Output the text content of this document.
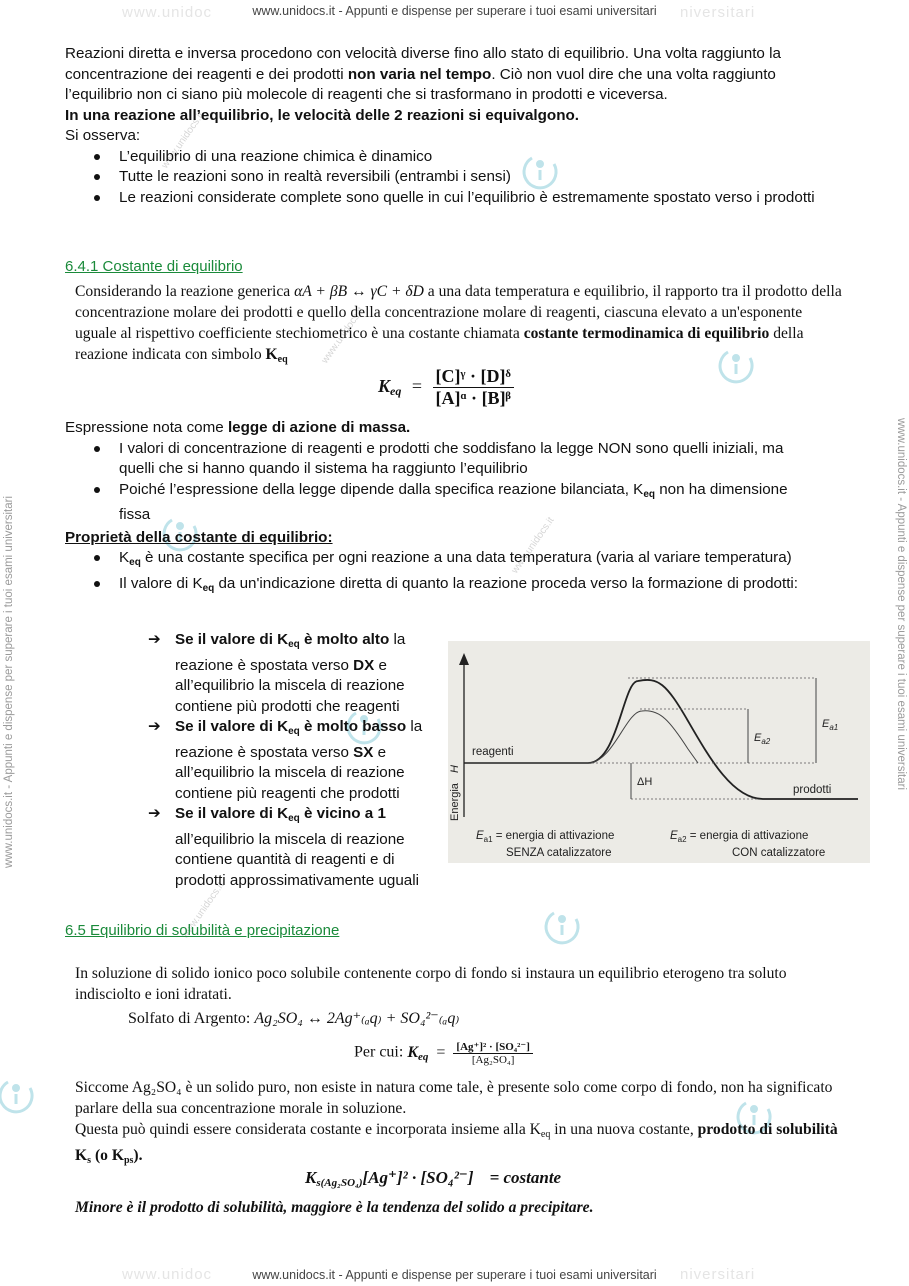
www.unidocs.it - Appunti e dispense per superare i tuoi esami universitari
www.unidoc	niversitari
www.unidocs.it - Appunti e dispense per superare i tuoi esami universitari
www.unidoc	niversitari
www.unidocs.it - Appunti e dispense per superare i tuoi esami universitari	www.unidocs.it - Appunti e dispense per superare i tuoi esami universitari
www.unidocs.it
www.unidocs.it
www.unidocs.it
www.unidocs.it

Reazioni diretta e inversa procedono con velocità diverse fino allo stato di equilibrio. Una volta raggiunto la concentrazione dei reagenti e dei prodotti non varia nel tempo. Ciò non vuol dire che una volta raggiunto l’equilibrio non ci siano più molecole di reagenti che si trasformano in prodotti e viceversa.

In una reazione all’equilibrio, le velocità delle 2 reazioni si equivalgono.

Si osserva:

L’equilibrio di una reazione chimica è dinamico
Tutte le reazioni sono in realtà reversibili (entrambi i sensi)
Le reazioni considerate complete sono quelle in cui l’equilibrio è estremamente spostato verso i prodotti
6.4.1 Costante di equilibrio

Considerando la reazione generica αA + βB ↔ γC + δD a una data temperatura e equilibrio, il rapporto tra il prodotto della concentrazione molare dei prodotti e quello della concentrazione molare di reagenti, ciascuna elevato a un'esponente uguale al rispettivo coefficiente stechiometrico è una costante chiamata costante termodinamica di equilibrio della reazione indicata con simbolo $K_{eq}$

$K_{eq} = \frac{\text{[C]ᵞ · [D]ᵟ}}{\text{[A]ᵅ · [B]ᵝ}}$

Espressione nota come legge di azione di massa.

I valori di concentrazione di reagenti e prodotti che soddisfano la legge NON sono quelli iniziali, ma quelli che si hanno quando il sistema ha raggiunto l’equilibrio
Poiché l’espressione della legge dipende dalla specifica reazione bilanciata, $K_{eq}$ non ha dimensione fissa

Proprietà della costante di equilibrio:

$K_{eq}$ è una costante specifica per ogni reazione a una data temperatura (varia al variare temperatura)
Il valore di $K_{eq}$ da un'indicazione diretta di quanto la reazione proceda verso la formazione di prodotti:
➔ Se il valore di $K_{eq}$ è molto alto la reazione è spostata verso DX e all’equilibrio la miscela di reazione contiene più prodotti che reagenti
➔ Se il valore di $K_{eq}$ è molto basso la reazione è spostata verso SX e all’equilibrio la miscela di reazione contiene più reagenti che prodotti
➔ Se il valore di $K_{eq}$ è vicino a 1 all’equilibrio la miscela di reazione contiene quantità di reagenti e di prodotti approssimativamente uguali
Energia
H
reagenti
prodotti
$E_{a1}$
$E_{a2}$
ΔH
$E_{a1}$ = energia di attivazione
SENZA catalizzatore
$E_{a2}$ = energia di attivazione
CON catalizzatore
6.5 Equilibrio di solubilità e precipitazione

In soluzione di solido ionico poco solubile contenente corpo di fondo si instaura un equilibrio eterogeno tra soluto indisciolto e ioni idratati.

Solfato di Argento: Ag₂SO₄ ↔ 2Ag⁺₍ₐq₎ + SO₄²⁻₍ₐq₎
Per cui: $K_{eq} = \frac{\text{[Ag⁺]² · [SO₄²⁻]}}{\text{[Ag₂SO₄]}}$

Siccome Ag₂SO₄ è un solido puro, non esiste in natura come tale, è presente solo come corpo di fondo, non ha significato parlare della sua concentrazione morale in soluzione.

Questa può quindi essere considerata costante e incorporata insieme alla Keq in una nuova costante, prodotto di solubilità $K_s$ (o $K_{ps}$).

$K_{s(Ag_2SO_4)}[Ag^+]^2 \cdot [SO_4^{2-}]$ = costante

Minore è il prodotto di solubilità, maggiore è la tendenza del solido a precipitare.
